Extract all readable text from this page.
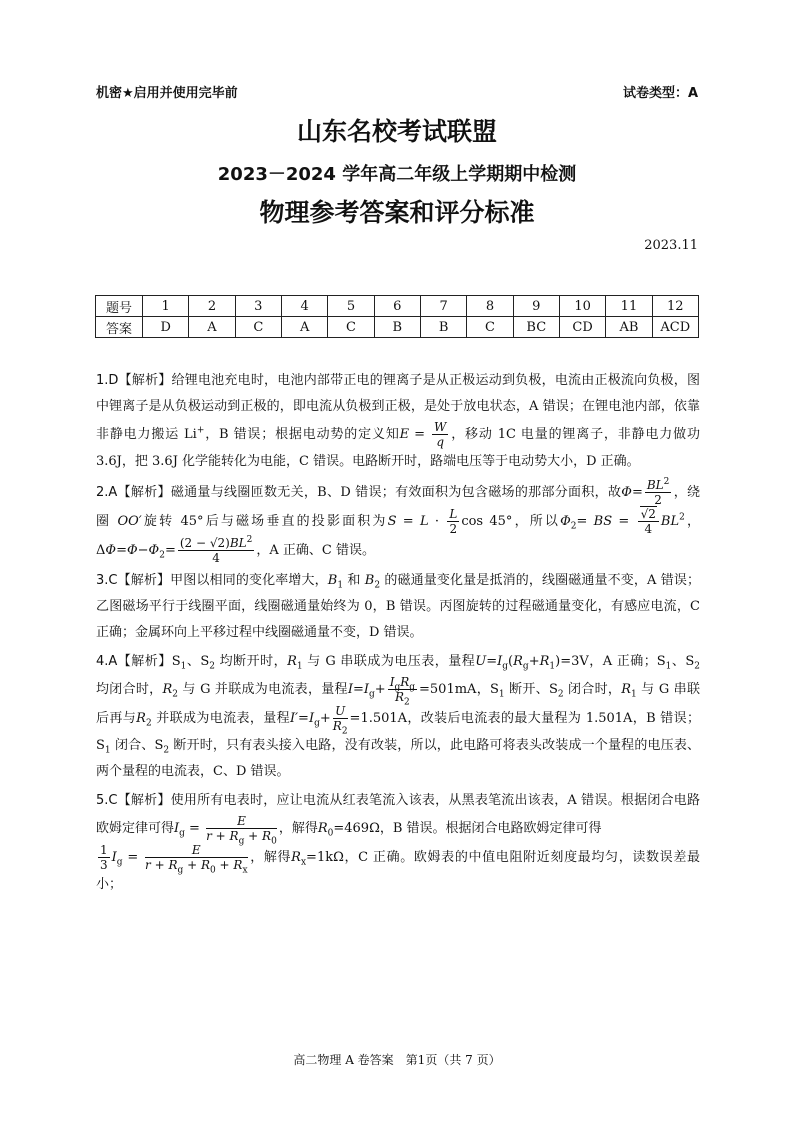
机密★启用并使用完毕前	试卷类型：A
山东名校考试联盟
2023－2024 学年高二年级上学期期中检测
物理参考答案和评分标准
2023.11
题号	1	2	3	4	5	6	7	8	9	10	11	12
答案	D	A	C	A	C	B	B	C	BC	CD	AB	ACD

1.D【解析】给锂电池充电时，电池内部带正电的锂离子是从正极运动到负极，电流由正极流向负极，图中锂离子是从负极运动到正极的，即电流从负极到正极，是处于放电状态，A 错误；在锂电池内部，依靠非静电力搬运 Li+，B 错误；根据电动势的定义知$E = \frac{W}{q}$ ，移动 1C 电量的锂离子，非静电力做功 3.6J，把 3.6J 化学能转化为电能，C 错误。电路断开时，路端电压等于电动势大小，D 正确。

2.A【解析】磁通量与线圈匝数无关，B、D 错误；有效面积为包含磁场的那部分面积，故$\Phi= \frac{BL^2}{2}$ ，绕圈 OO′旋转 45°后与磁场垂直的投影面积为$S = L \cdot \frac{L}{2}$ cos 45°，所以$\Phi_2=$ BS = $\frac{√2}{4} BL^2$，$\Delta\Phi=\Phi-\Phi_2= \frac{(2 - √2)BL^2}{4}$ ，A 正确、C 错误。

3.C【解析】甲图以相同的变化率增大，$B_1$ 和 $B_2$ 的磁通量变化量是抵消的，线圈磁通量不变，A 错误；乙图磁场平行于线圈平面，线圈磁通量始终为 0，B 错误。丙图旋转的过程磁通量变化，有感应电流，C 正确；金属环向上平移过程中线圈磁通量不变，D 错误。

4.A【解析】$S_1$、$S_2$ 均断开时，$R_1$ 与 G 串联成为电压表，量程$U=I_g(R_g+R_1)=3V$，A 正确；$S_1$、$S_2$ 均闭合时，$R_2$ 与 G 并联成为电流表，量程$I=I_g+ \frac{I_gR_g}{R_2} =501mA$，$S_1$ 断开、$S_2$ 闭合时，$R_1$ 与 G 串联后再与$R_2$ 并联成为电流表，量程$I'=I_g+ \frac{U}{R_2} =1.501A$，改装后电流表的最大量程为 1.501A，B 错误；$S_1$ 闭合、$S_2$ 断开时，只有表头接入电路，没有改装，所以，此电路可将表头改装成一个量程的电压表、两个量程的电流表，C、D 错误。

5.C【解析】使用所有电表时，应让电流从红表笔流入该表，从黑表笔流出该表，A 错误。根据闭合电路欧姆定律可得$I_g = \frac{E}{r + R_g + R_0}$ ，解得$R_0=469\Omega$，B 错误。根据闭合电路欧姆定律可得

$\frac{1}{3} I_g = \frac{E}{r + R_g + R_0 + R_x}$ ，解得$R_x=1k\Omega$，C 正确。欧姆表的中值电阻附近刻度最均匀，读数误差最小；

高二物理 A 卷答案　第1页（共 7 页）
